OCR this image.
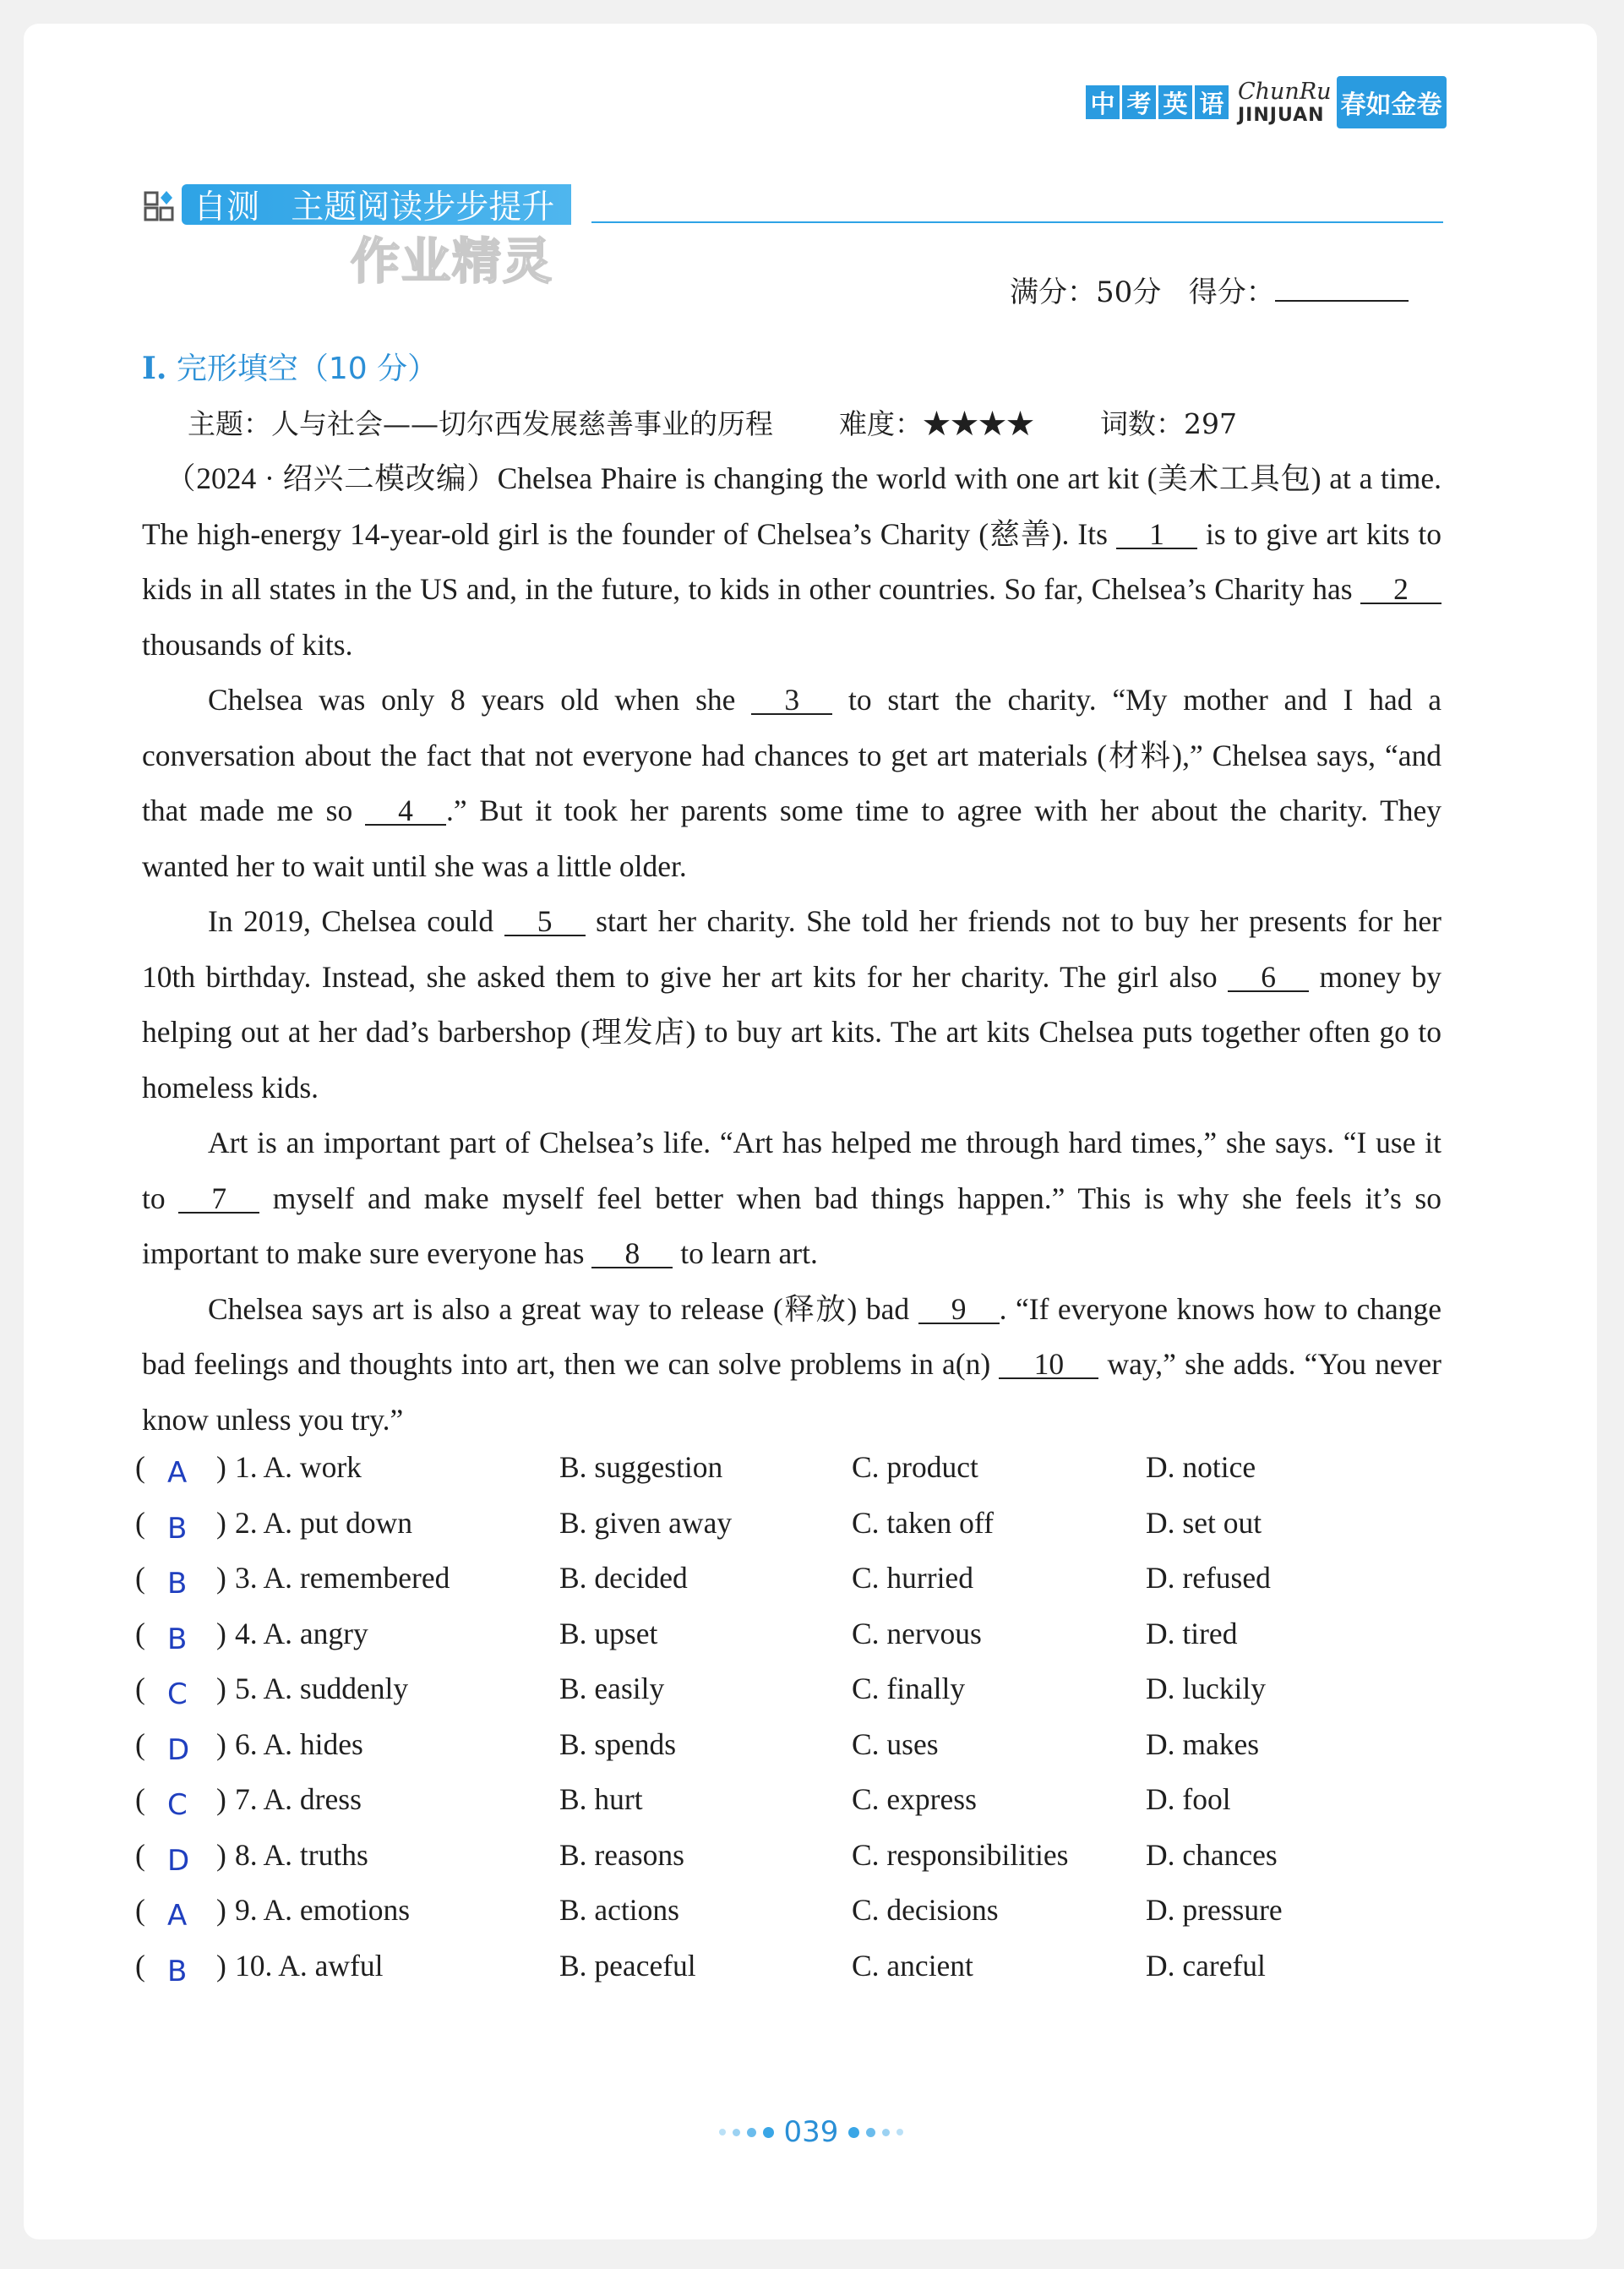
中 考 英 语 ChunRu
JINJUAN 春如金卷
自测
主题阅读步步提升
作业精灵
满分：50分 得分：
I. 完形填空（10 分）
主题：人与社会——切尔西发展慈善事业的历程 难度：★★★★ 词数：297

（2024 · 绍兴二模改编）Chelsea Phaire is changing the world with one art kit (美术工具包) at a time. The high-energy 14-year-old girl is the founder of Chelsea’s Charity (慈善). Its 1 is to give art kits to kids in all states in the US and, in the future, to kids in other countries. So far, Chelsea’s Charity has 2 thousands of kits.

Chelsea was only 8 years old when she 3 to start the charity. “My mother and I had a conversation about the fact that not everyone had chances to get art materials (材料),” Chelsea says, “and that made me so 4 .” But it took her parents some time to agree with her about the charity. They wanted her to wait until she was a little older.

In 2019, Chelsea could 5 start her charity. She told her friends not to buy her presents for her 10th birthday. Instead, she asked them to give her art kits for her charity. The girl also 6 money by helping out at her dad’s barbershop (理发店) to buy art kits. The art kits Chelsea puts together often go to homeless kids.

Art is an important part of Chelsea’s life. “Art has helped me through hard times,” she says. “I use it to 7 myself and make myself feel better when bad things happen.” This is why she feels it’s so important to make sure everyone has 8 to learn art.

Chelsea says art is also a great way to release (释放) bad 9 . “If everyone knows how to change bad feelings and thoughts into art, then we can solve problems in a(n) 10 way,” she adds. “You never know unless you try.”

( A ) 1. A. work	B. suggestion	C. product	D. notice
( B ) 2. A. put down	B. given away	C. taken off	D. set out
( B ) 3. A. remembered	B. decided	C. hurried	D. refused
( B ) 4. A. angry	B. upset	C. nervous	D. tired
( C ) 5. A. suddenly	B. easily	C. finally	D. luckily
( D ) 6. A. hides	B. spends	C. uses	D. makes
( C ) 7. A. dress	B. hurt	C. express	D. fool
( D ) 8. A. truths	B. reasons	C. responsibilities	D. chances
( A ) 9. A. emotions	B. actions	C. decisions	D. pressure
( B ) 10. A. awful	B. peaceful	C. ancient	D. careful
039
